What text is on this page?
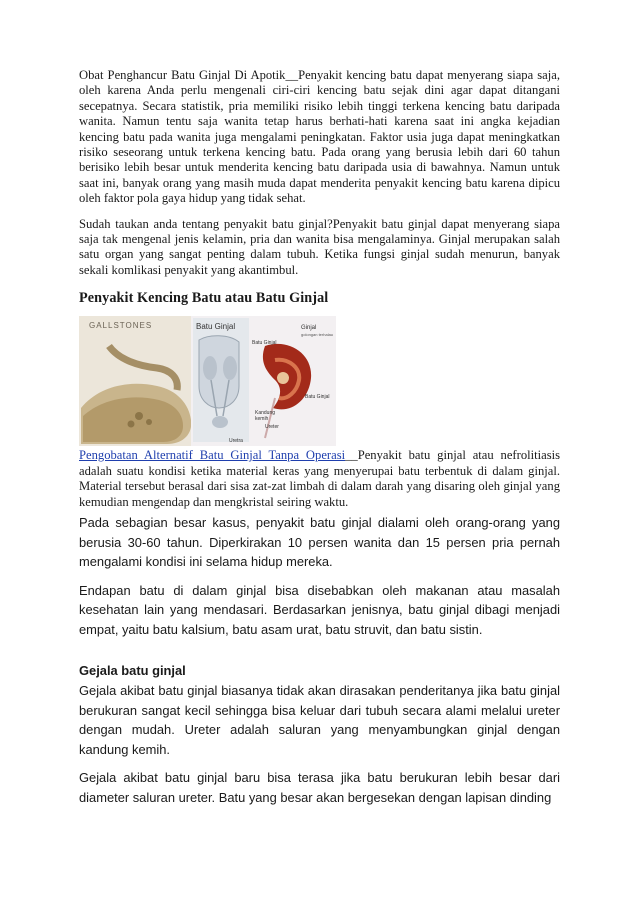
Obat Penghancur Batu Ginjal Di Apotik__Penyakit kencing batu dapat menyerang siapa saja, oleh karena Anda perlu mengenali ciri-ciri kencing batu sejak dini agar dapat ditangani secepatnya. Secara statistik, pria memiliki risiko lebih tinggi terkena kencing batu daripada wanita. Namun tentu saja wanita tetap harus berhati-hati karena saat ini angka kejadian kencing batu pada wanita juga mengalami peningkatan. Faktor usia juga dapat meningkatkan risiko seseorang untuk terkena kencing batu. Pada orang yang berusia lebih dari 60 tahun berisiko lebih besar untuk menderita kencing batu daripada usia di bawahnya. Namun untuk saat ini, banyak orang yang masih muda dapat menderita penyakit kencing batu karena dipicu oleh faktor pola gaya hidup yang tidak sehat.

Sudah taukan anda tentang penyakit batu ginjal?Penyakit batu ginjal dapat menyerang siapa saja tak mengenal jenis kelamin, pria dan wanita bisa mengalaminya. Ginjal merupakan salah satu organ yang sangat penting dalam tubuh. Ketika fungsi ginjal sudah menurun, banyak sekali komlikasi penyakit yang akantimbul.

Penyakit Kencing Batu atau Batu Ginjal
GALLSTONES	Batu Ginjal	Ginjal
golongan terhalau
Batu Ginjal
Kandung
kemih
Ureter
Uretra
Batu Ginjal

Pengobatan Alternatif Batu Ginjal Tanpa Operasi__Penyakit batu ginjal atau nefrolitiasis adalah suatu kondisi ketika material keras yang menyerupai batu terbentuk di dalam ginjal. Material tersebut berasal dari sisa zat-zat limbah di dalam darah yang disaring oleh ginjal yang kemudian mengendap dan mengkristal seiring waktu.

Pada sebagian besar kasus, penyakit batu ginjal dialami oleh orang-orang yang berusia 30-60 tahun. Diperkirakan 10 persen wanita dan 15 persen pria pernah mengalami kondisi ini selama hidup mereka.

Endapan batu di dalam ginjal bisa disebabkan oleh makanan atau masalah kesehatan lain yang mendasari. Berdasarkan jenisnya, batu ginjal dibagi menjadi empat, yaitu batu kalsium, batu asam urat, batu struvit, dan batu sistin.

Gejala batu ginjal

Gejala akibat batu ginjal biasanya tidak akan dirasakan penderitanya jika batu ginjal berukuran sangat kecil sehingga bisa keluar dari tubuh secara alami melalui ureter dengan mudah. Ureter adalah saluran yang menyambungkan ginjal dengan kandung kemih.

Gejala akibat batu ginjal baru bisa terasa jika batu berukuran lebih besar dari diameter saluran ureter. Batu yang besar akan bergesekan dengan lapisan dinding
